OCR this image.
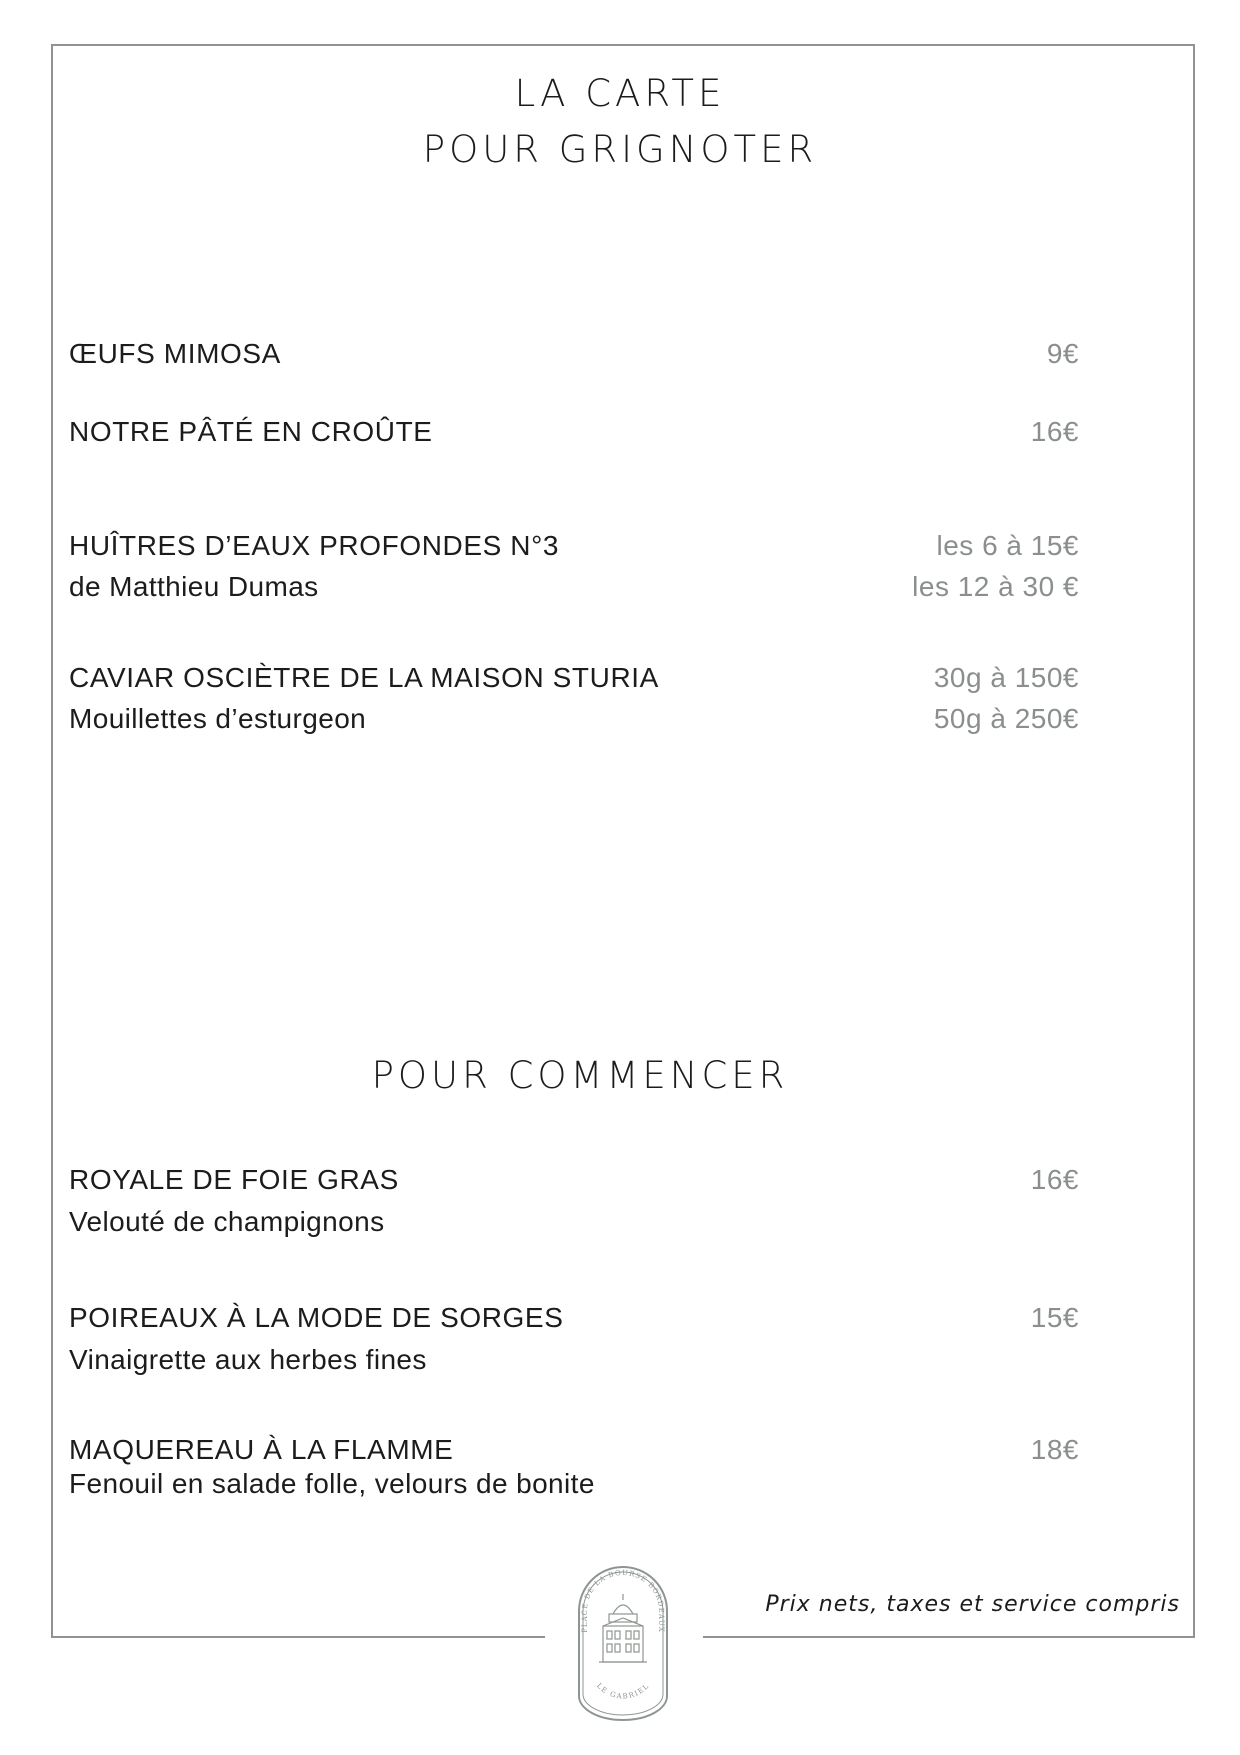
LA CARTE
POUR GRIGNOTER
ŒUFS MIMOSA	9€
NOTRE PÂTÉ EN CROÛTE	16€
HUÎTRES D’EAUX PROFONDES N°3	les 6 à 15€
de Matthieu Dumas	les 12 à 30 €
CAVIAR OSCIÈTRE DE LA MAISON STURIA	30g à 150€
Mouillettes d’esturgeon	50g à 250€
POUR COMMENCER
ROYALE DE FOIE GRAS	16€
Velouté de champignons
POIREAUX À LA MODE DE SORGES	15€
Vinaigrette aux herbes fines
MAQUEREAU À LA FLAMME	18€
Fenouil en salade folle, velours de bonite
Prix nets, taxes et service compris
PLACE DE LA BOURSE BORDEAUX
LE GABRIEL
